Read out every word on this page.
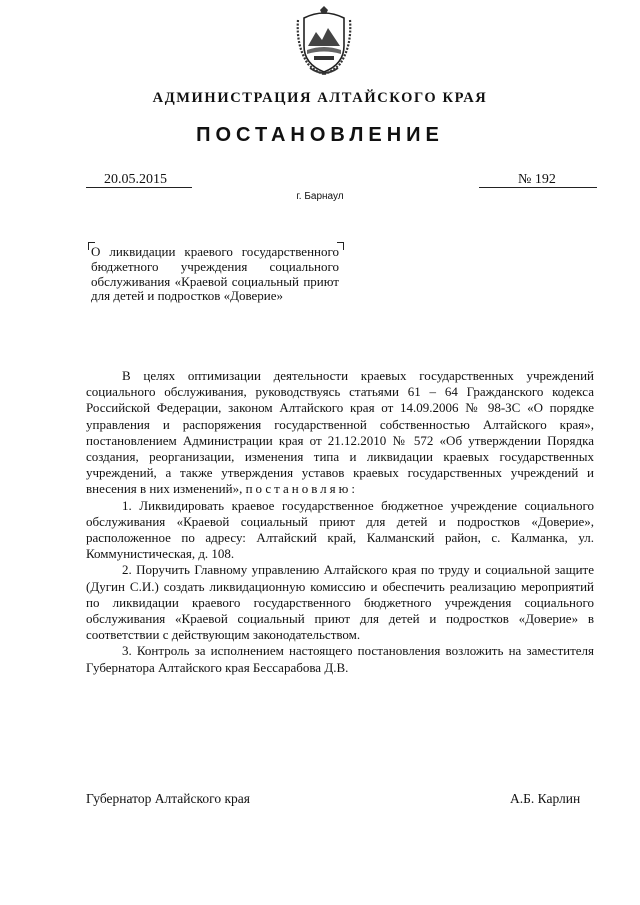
АДМИНИСТРАЦИЯ АЛТАЙСКОГО КРАЯ
ПОСТАНОВЛЕНИЕ
20.05.2015	№ 192
г. Барнаул
О ликвидации краевого государственного бюджетного учреждения социального обслуживания «Краевой социальный приют для детей и подростков «Доверие»

В целях оптимизации деятельности краевых государственных учреждений социального обслуживания, руководствуясь статьями 61 – 64 Гражданского кодекса Российской Федерации, законом Алтайского края от 14.09.2006 № 98-ЗС «О порядке управления и распоряжения государственной собственностью Алтайского края», постановлением Администрации края от 21.12.2010 № 572 «Об утверждении Порядка создания, реорганизации, изменения типа и ликвидации краевых государственных учреждений, а также утверждения уставов краевых государственных учреждений и внесения в них изменений», постановляю:

1. Ликвидировать краевое государственное бюджетное учреждение социального обслуживания «Краевой социальный приют для детей и подростков «Доверие», расположенное по адресу: Алтайский край, Калманский район, с. Калманка, ул. Коммунистическая, д. 108.

2. Поручить Главному управлению Алтайского края по труду и социальной защите (Дугин С.И.) создать ликвидационную комиссию и обеспечить реализацию мероприятий по ликвидации краевого государственного бюджетного учреждения социального обслуживания «Краевой социальный приют для детей и подростков «Доверие» в соответствии с действующим законодательством.

3. Контроль за исполнением настоящего постановления возложить на заместителя Губернатора Алтайского края Бессарабова Д.В.

Губернатор Алтайского края	А.Б. Карлин
